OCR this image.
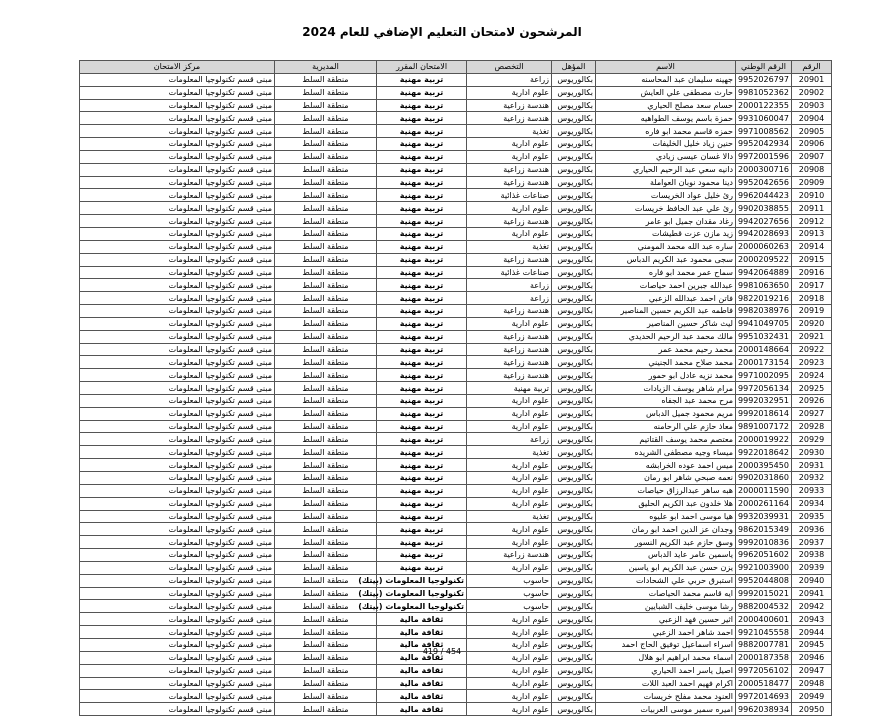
المرشحون لامتحان التعليم الإضافي للعام 2024
الرقم	الرقم الوطني	الاسم	المؤهل	التخصص	الامتحان المقرر	المديرية	مركز الامتحان
20901	9952026797	جهينه سليمان عبد المحاسنه	بكالوريوس	زراعة	تربية مهنية	منطقة السلط	مبنى قسم تكنولوجيا المعلومات
20902	9981052362	حارث مصطفى علي العايش	بكالوريوس	علوم ادارية	تربية مهنية	منطقة السلط	مبنى قسم تكنولوجيا المعلومات
20903	2000122355	حسام سعد مصلح الحياري	بكالوريوس	هندسة زراعية	تربية مهنية	منطقة السلط	مبنى قسم تكنولوجيا المعلومات
20904	9931060047	حمزة باسم يوسف الطواهيه	بكالوريوس	هندسة زراعية	تربية مهنية	منطقة السلط	مبنى قسم تكنولوجيا المعلومات
20905	9971008562	حمزه قاسم محمد ابو فاره	بكالوريوس	تغذية	تربية مهنية	منطقة السلط	مبنى قسم تكنولوجيا المعلومات
20906	9952042934	حنين زياد خليل الخليفات	بكالوريوس	علوم ادارية	تربية مهنية	منطقة السلط	مبنى قسم تكنولوجيا المعلومات
20907	9972001596	دالا غسان عيسى زيادي	بكالوريوس	علوم ادارية	تربية مهنية	منطقة السلط	مبنى قسم تكنولوجيا المعلومات
20908	2000300716	دانيه سعي عبد الرحيم الحياري	بكالوريوس	هندسة زراعية	تربية مهنية	منطقة السلط	مبنى قسم تكنولوجيا المعلومات
20909	9952042656	دينا محمود نوبان العواملة	بكالوريوس	هندسة زراعية	تربية مهنية	منطقة السلط	مبنى قسم تكنولوجيا المعلومات
20910	9962044423	رئ خليل عواد الخريسات	بكالوريوس	صناعات غذائية	تربية مهنية	منطقة السلط	مبنى قسم تكنولوجيا المعلومات
20911	9902038855	رئ علي عبد الحافظ خريسات	بكالوريوس	علوم ادارية	تربية مهنية	منطقة السلط	مبنى قسم تكنولوجيا المعلومات
20912	9942027656	رغاد مقدان جميل ابو عامر	بكالوريوس	هندسة زراعية	تربية مهنية	منطقة السلط	مبنى قسم تكنولوجيا المعلومات
20913	9942028693	زيد مازن عزت قطيشات	بكالوريوس	علوم ادارية	تربية مهنية	منطقة السلط	مبنى قسم تكنولوجيا المعلومات
20914	2000060263	ساره عبد الله محمد المومني	بكالوريوس	تغذية	تربية مهنية	منطقة السلط	مبنى قسم تكنولوجيا المعلومات
20915	2000209522	سجى محمود عبد الكريم الدباس	بكالوريوس	هندسة زراعية	تربية مهنية	منطقة السلط	مبنى قسم تكنولوجيا المعلومات
20916	9942064889	سماح عمر محمد ابو فاره	بكالوريوس	صناعات غذائية	تربية مهنية	منطقة السلط	مبنى قسم تكنولوجيا المعلومات
20917	9981063650	عبدالله جبرين احمد حياصات	بكالوريوس	زراعة	تربية مهنية	منطقة السلط	مبنى قسم تكنولوجيا المعلومات
20918	9822019216	فاتن احمد عبدالله الزعبي	بكالوريوس	زراعة	تربية مهنية	منطقة السلط	مبنى قسم تكنولوجيا المعلومات
20919	9982038976	فاطمه عبد الكريم حسين المناصير	بكالوريوس	هندسة زراعية	تربية مهنية	منطقة السلط	مبنى قسم تكنولوجيا المعلومات
20920	9941049705	ليث شاكر حسين المناصير	بكالوريوس	علوم ادارية	تربية مهنية	منطقة السلط	مبنى قسم تكنولوجيا المعلومات
20921	9951032431	مالك محمد عبد الرحيم الحديدي	بكالوريوس	هندسة زراعية	تربية مهنية	منطقة السلط	مبنى قسم تكنولوجيا المعلومات
20922	2000148664	محمد رحيم محمد عمر	بكالوريوس	هندسة زراعية	تربية مهنية	منطقة السلط	مبنى قسم تكنولوجيا المعلومات
20923	2000173154	محمد صلاح محمد الجنيني	بكالوريوس	هندسة زراعية	تربية مهنية	منطقة السلط	مبنى قسم تكنولوجيا المعلومات
20924	9971002095	محمد نزيه عادل ابو حمور	بكالوريوس	هندسة زراعية	تربية مهنية	منطقة السلط	مبنى قسم تكنولوجيا المعلومات
20925	9972056134	مرام شاهر يوسف الزيادات	بكالوريوس	تربية مهنية	تربية مهنية	منطقة السلط	مبنى قسم تكنولوجيا المعلومات
20926	9992032951	مرح محمد عبد الجفاه	بكالوريوس	علوم ادارية	تربية مهنية	منطقة السلط	مبنى قسم تكنولوجيا المعلومات
20927	9992018614	مريم محمود جميل الدباس	بكالوريوس	علوم ادارية	تربية مهنية	منطقة السلط	مبنى قسم تكنولوجيا المعلومات
20928	9891007172	معاذ حازم علي الرحامنه	بكالوريوس	علوم ادارية	تربية مهنية	منطقة السلط	مبنى قسم تكنولوجيا المعلومات
20929	2000019922	معتصم محمد يوسف القتاتيم	بكالوريوس	زراعة	تربية مهنية	منطقة السلط	مبنى قسم تكنولوجيا المعلومات
20930	9922018642	ميساء وجيه مصطفى الشريده	بكالوريوس	تغذية	تربية مهنية	منطقة السلط	مبنى قسم تكنولوجيا المعلومات
20931	2000395450	ميس احمد عوده الخرابشه	بكالوريوس	علوم ادارية	تربية مهنية	منطقة السلط	مبنى قسم تكنولوجيا المعلومات
20932	9902031860	نعمه صبحي شاهر ابو رمان	بكالوريوس	علوم ادارية	تربية مهنية	منطقة السلط	مبنى قسم تكنولوجيا المعلومات
20933	2000011590	هبه ساهر عبدالرزاق حياصات	بكالوريوس	علوم ادارية	تربية مهنية	منطقة السلط	مبنى قسم تكنولوجيا المعلومات
20934	2000261164	هلا خلدون عبد الكريم الحليق	بكالوريوس	علوم ادارية	تربية مهنية	منطقة السلط	مبنى قسم تكنولوجيا المعلومات
20935	9932039931	هيا موسى احمد ابو عليوه	بكالوريوس	تغذية	تربية مهنية	منطقة السلط	مبنى قسم تكنولوجيا المعلومات
20936	9862015349	وجدان عز الدين احمد ابو رمان	بكالوريوس	علوم ادارية	تربية مهنية	منطقة السلط	مبنى قسم تكنولوجيا المعلومات
20937	9992010836	وسق حازم عبد الكريم النسور	بكالوريوس	علوم ادارية	تربية مهنية	منطقة السلط	مبنى قسم تكنولوجيا المعلومات
20938	9962051602	ياسمين عامر عايد الدباس	بكالوريوس	هندسة زراعية	تربية مهنية	منطقة السلط	مبنى قسم تكنولوجيا المعلومات
20939	9921003900	يزن حسن عبد الكريم ابو ياسين	بكالوريوس	علوم ادارية	تربية مهنية	منطقة السلط	مبنى قسم تكنولوجيا المعلومات
20940	9952044808	استبرق حربي علي الشحادات	بكالوريوس	حاسوب	تكنولوجيا المعلومات (بيتك)	منطقة السلط	مبنى قسم تكنولوجيا المعلومات
20941	9992015021	ايه قاسم محمد الحياصات	بكالوريوس	حاسوب	تكنولوجيا المعلومات (بيتك)	منطقة السلط	مبنى قسم تكنولوجيا المعلومات
20942	9882004532	رشا موسى خليف الشبايين	بكالوريوس	حاسوب	تكنولوجيا المعلومات (بيتك)	منطقة السلط	مبنى قسم تكنولوجيا المعلومات
20943	2000400601	اثير حسين فهد الزعبي	بكالوريوس	علوم ادارية	ثقافة مالية	منطقة السلط	مبنى قسم تكنولوجيا المعلومات
20944	9921045558	احمد شاهر احمد الزعبي	بكالوريوس	علوم ادارية	ثقافة مالية	منطقة السلط	مبنى قسم تكنولوجيا المعلومات
20945	9882007781	اسراء اسماعيل توفيق الحاج احمد	بكالوريوس	علوم ادارية	ثقافة مالية	منطقة السلط	مبنى قسم تكنولوجيا المعلومات
20946	2000187358	اسماء محمد ابراهيم ابو هلال	بكالوريوس	علوم ادارية	ثقافة مالية	منطقة السلط	مبنى قسم تكنولوجيا المعلومات
20947	9972056102	اصيل ياسر احمد الحياري	بكالوريوس	علوم ادارية	ثقافة مالية	منطقة السلط	مبنى قسم تكنولوجيا المعلومات
20948	2000518477	اكرام فهيم احمد العبد اللات	بكالوريوس	علوم ادارية	ثقافة مالية	منطقة السلط	مبنى قسم تكنولوجيا المعلومات
20949	9972014693	العنود محمد مفلح خريسات	بكالوريوس	علوم ادارية	ثقافة مالية	منطقة السلط	مبنى قسم تكنولوجيا المعلومات
20950	9962038934	اميره سمير موسى العربيات	بكالوريوس	علوم ادارية	ثقافة مالية	منطقة السلط	مبنى قسم تكنولوجيا المعلومات
419 / 454
